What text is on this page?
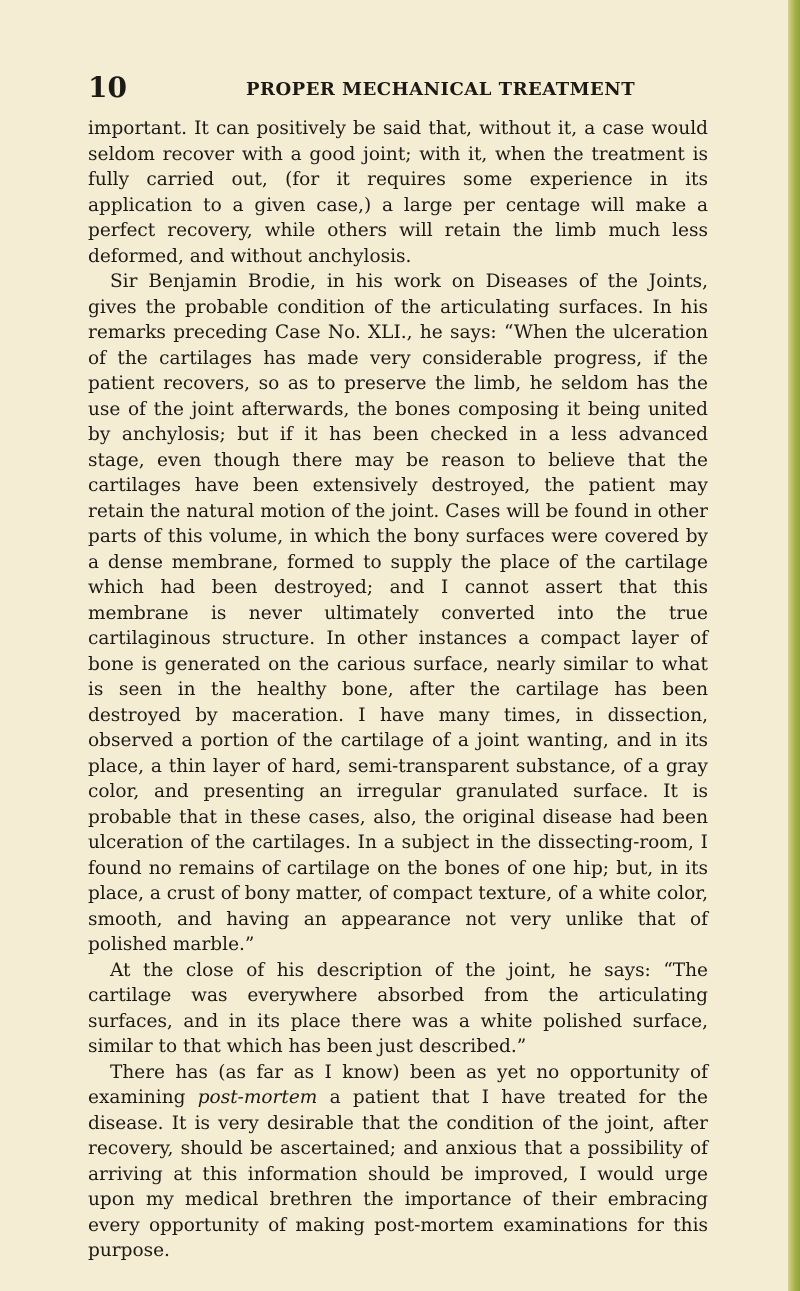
10	PROPER MECHANICAL TREATMENT

important. It can positively be said that, without it, a case would seldom recover with a good joint; with it, when the treatment is fully carried out, (for it requires some experience in its application to a given case,) a large per centage will make a perfect recovery, while others will retain the limb much less deformed, and without anchylosis.

Sir Benjamin Brodie, in his work on Diseases of the Joints, gives the probable condition of the articulating surfaces. In his remarks preceding Case No. XLI., he says: “When the ulceration of the cartilages has made very considerable progress, if the patient recovers, so as to preserve the limb, he seldom has the use of the joint afterwards, the bones composing it being united by anchylosis; but if it has been checked in a less advanced stage, even though there may be reason to believe that the cartilages have been extensively destroyed, the patient may retain the natural motion of the joint. Cases will be found in other parts of this volume, in which the bony surfaces were covered by a dense membrane, formed to supply the place of the cartilage which had been destroyed; and I cannot assert that this membrane is never ultimately converted into the true cartilaginous structure. In other instances a compact layer of bone is generated on the carious surface, nearly similar to what is seen in the healthy bone, after the cartilage has been destroyed by maceration. I have many times, in dissection, observed a portion of the cartilage of a joint wanting, and in its place, a thin layer of hard, semi-transparent substance, of a gray color, and presenting an irregular granulated surface. It is probable that in these cases, also, the original disease had been ulceration of the cartilages. In a subject in the dissecting-room, I found no remains of cartilage on the bones of one hip; but, in its place, a crust of bony matter, of compact texture, of a white color, smooth, and having an appearance not very unlike that of polished marble.”

At the close of his description of the joint, he says: “The cartilage was everywhere absorbed from the articulating surfaces, and in its place there was a white polished surface, similar to that which has been just described.”

There has (as far as I know) been as yet no opportunity of examining post-mortem a patient that I have treated for the disease. It is very desirable that the condition of the joint, after recovery, should be ascertained; and anxious that a possibility of arriving at this information should be improved, I would urge upon my medical brethren the importance of their embracing every opportunity of making post-mortem examinations for this purpose.
